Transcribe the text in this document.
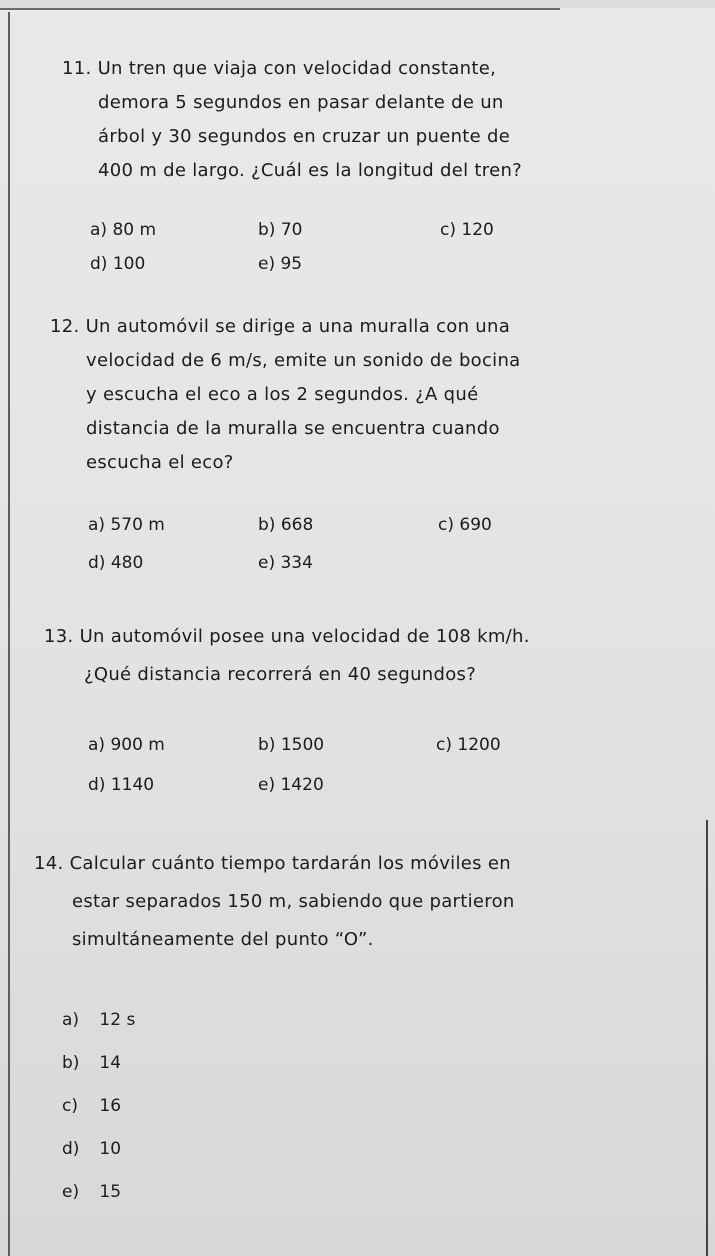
11. Un tren que viaja con velocidad constante,
demora 5 segundos en pasar delante de un
árbol y 30 segundos en cruzar un puente de
400 m de largo. ¿Cuál es la longitud del tren?
a) 80 m	b) 70	c) 120
d) 100	e) 95
12. Un automóvil se dirige a una muralla con una
velocidad de 6 m/s, emite un sonido de bocina
y escucha el eco a los 2 segundos. ¿A qué
distancia de la muralla se encuentra cuando
escucha el eco?
a) 570 m	b) 668	c) 690
d) 480	e) 334
13. Un automóvil posee una velocidad de 108 km/h.
¿Qué distancia recorrerá en 40 segundos?
a) 900 m	b) 1500	c) 1200
d) 1140	e) 1420
14. Calcular cuánto tiempo tardarán los móviles en
estar separados 150 m, sabiendo que partieron
simultáneamente del punto “O”.
a) 12 s
b) 14
c) 16
d) 10
e) 15
